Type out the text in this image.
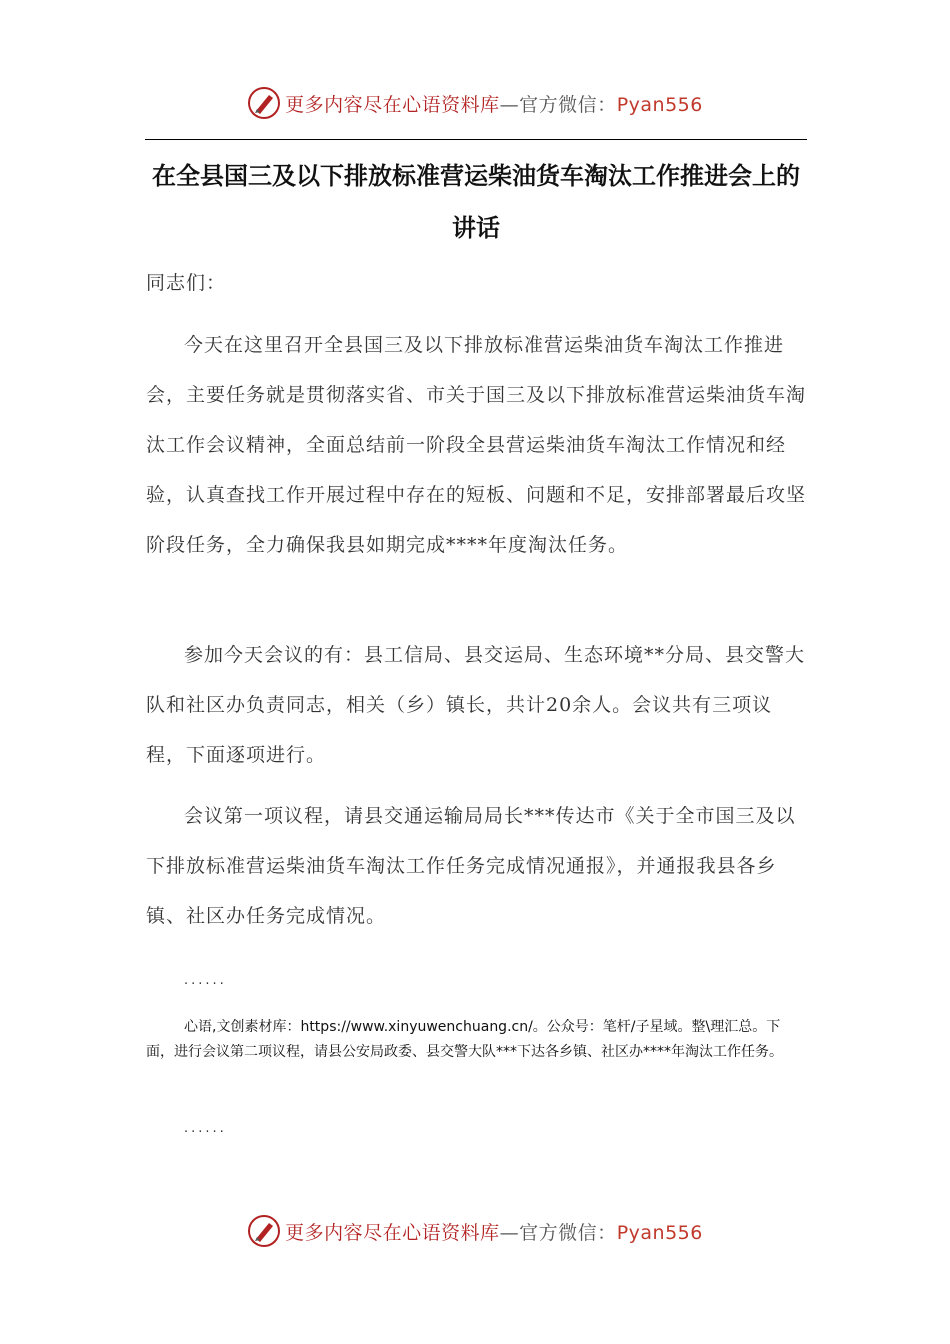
更多内容尽在心语资料库—官方微信：Pyan556
在全县国三及以下排放标准营运柴油货车淘汰工作推进会上的讲话
同志们：
今天在这里召开全县国三及以下排放标准营运柴油货车淘汰工作推进会，主要任务就是贯彻落实省、市关于国三及以下排放标准营运柴油货车淘汰工作会议精神，全面总结前一阶段全县营运柴油货车淘汰工作情况和经验，认真查找工作开展过程中存在的短板、问题和不足，安排部署最后攻坚阶段任务，全力确保我县如期完成****年度淘汰任务。
参加今天会议的有：县工信局、县交运局、生态环境**分局、县交警大队和社区办负责同志，相关（乡）镇长，共计20余人。会议共有三项议程，下面逐项进行。
会议第一项议程，请县交通运输局局长***传达市《关于全市国三及以下排放标准营运柴油货车淘汰工作任务完成情况通报》，并通报我县各乡镇、社区办任务完成情况。
......
心语,文创素材库：https://www.xinyuwenchuang.cn/。公众号：笔杆/子星域。整\理汇总。下面，进行会议第二项议程，请县公安局政委、县交警大队***下达各乡镇、社区办****年淘汰工作任务。
......
更多内容尽在心语资料库—官方微信：Pyan556
